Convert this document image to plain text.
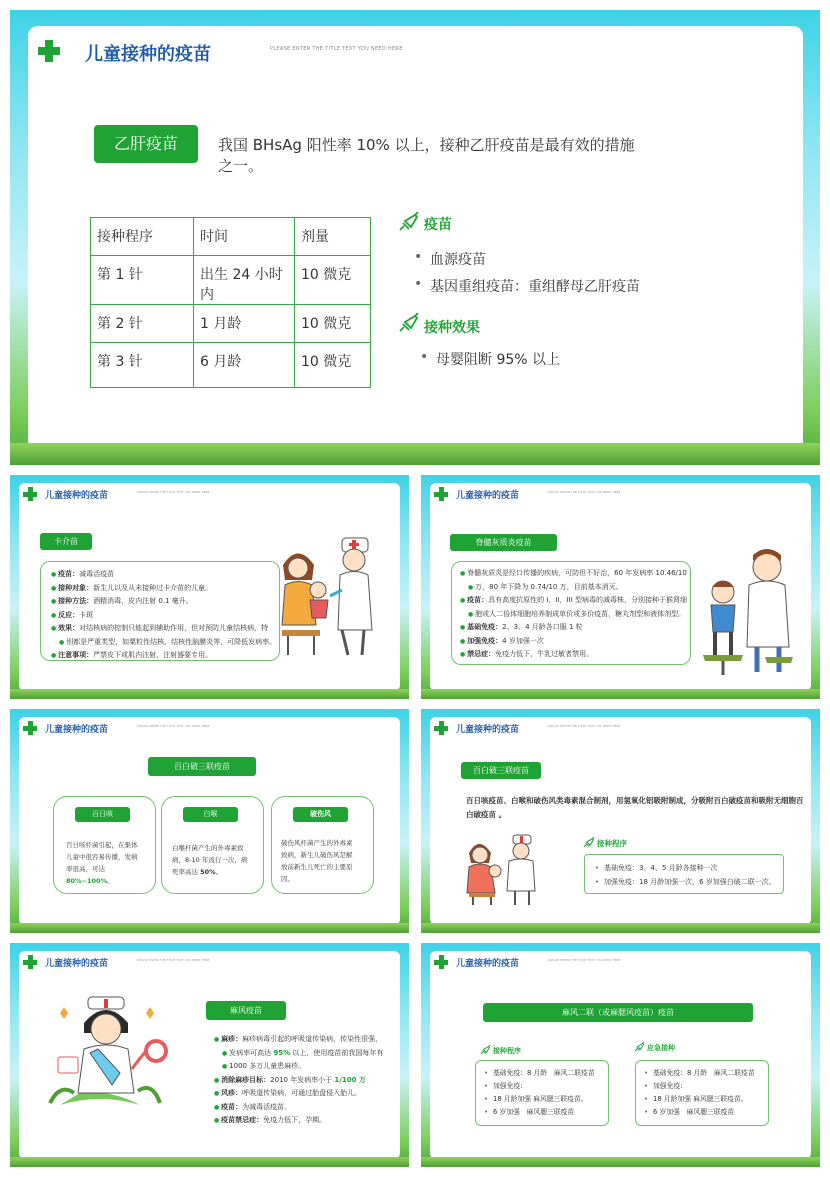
儿童接种的疫苗	PLEASE ENTER THE TITLE TEXT YOU NEED HERE
乙肝疫苗	我国 BHsAg 阳性率 10% 以上，接种乙肝疫苗是最有效的措施之一。
接种程序	时间	剂量
第 1 针	出生 24 小时内	10 微克
第 2 针	1 月龄	10 微克
第 3 针	6 月龄	10 微克
疫苗
• 血源疫苗
• 基因重组疫苗：重组酵母乙肝疫苗
接种效果
• 母婴阻断 95% 以上
儿童接种的疫苗	PLEASE ENTER THE TITLE TEXT YOU NEED HERE
卡介苗
● 疫苗：减毒活疫苗
● 接种对象：新生儿以及从未接种过卡介苗的儿童。
● 接种方法：酒精消毒，皮内注射 0.1 毫升。
● 反应：卡斑
● 效果：对结核病的控制只能起到辅助作用，但对预防儿童结核病，特
● 别都是严重类型，如粟粒性结核、结核性脑膜炎等，可降低发病率。
● 注意事项：严禁皮下或肌内注射，注射器要专用。
儿童接种的疫苗	PLEASE ENTER THE TITLE TEXT YOU NEED HERE
脊髓灰质炎疫苗
● 脊髓灰质炎是经口传播的疾病，可防但不好治，60 年发病率 10.46/10
● 万，80 年下降为 0.74/10 万，目前基本消灭。
● 疫苗：具有高度抗原性的 I，II，III 型病毒的减毒株，分别接种于猴肾细
● 胞或人二倍体细胞培养制成单价或多价疫苗，糖丸剂型和液体剂型。
● 基础免疫：2、3、4 月龄各口服 1 粒
● 加强免疫：4 岁加强一次
● 禁忌症：免疫力低下，牛乳过敏者禁用。
儿童接种的疫苗	PLEASE ENTER THE TITLE TEXT YOU NEED HERE
百白破三联疫苗
百日咳
百日咳杆菌引起，在集体
儿童中很容易传播，发病
率很高，可达
80%~100%。
白喉
白喉杆菌产生的外毒素致
病，8-10 年流行一次，病
死率高达 50%。
破伤风
破伤风杆菌产生的外毒素
致病，新生儿破伤风是解
放前新生儿死亡的主要原
因。
儿童接种的疫苗	PLEASE ENTER THE TITLE TEXT YOU NEED HERE
百白破三联疫苗
百日咳疫苗、白喉和破伤风类毒素混合制剂，用氢氧化铝吸附制成，分吸附百白破疫苗和吸附无细胞百
白破疫苗 。
接种程序
• 基础免疫：3、4、5 月龄各接种一次
• 加强免疫：18 月龄加强一次，6 岁加强白破二联一次。
儿童接种的疫苗	PLEASE ENTER THE TITLE TEXT YOU NEED HERE
麻风疫苗
● 麻疹：麻疹病毒引起的呼吸道传染病，传染性很强，
● 发病率可高达 95% 以上，使用疫苗前我国每年有
● 1000 多万儿童患麻疹。
● 消除麻疹目标：2010 年发病率小于 1/100 万
● 风疹：呼吸道传染病，可通过胎盘侵入胎儿。
● 疫苗：为减毒活疫苗。
● 疫苗禁忌症：免疫力低下，孕期。
儿童接种的疫苗	PLEASE ENTER THE TITLE TEXT YOU NEED HERE
麻风二联（或麻腮风疫苗）疫苗
接种程序
• 基础免疫：8 月龄　麻风二联疫苗
• 加强免疫：
• 18 月龄加强 麻风腮三联疫苗。
• 6 岁加强　麻风腮三联疫苗
应急接种
• 基础免疫：8 月龄　麻风二联疫苗
• 加强免疫：
• 18 月龄加强 麻风腮三联疫苗。
• 6 岁加强　麻风腮三联疫苗
